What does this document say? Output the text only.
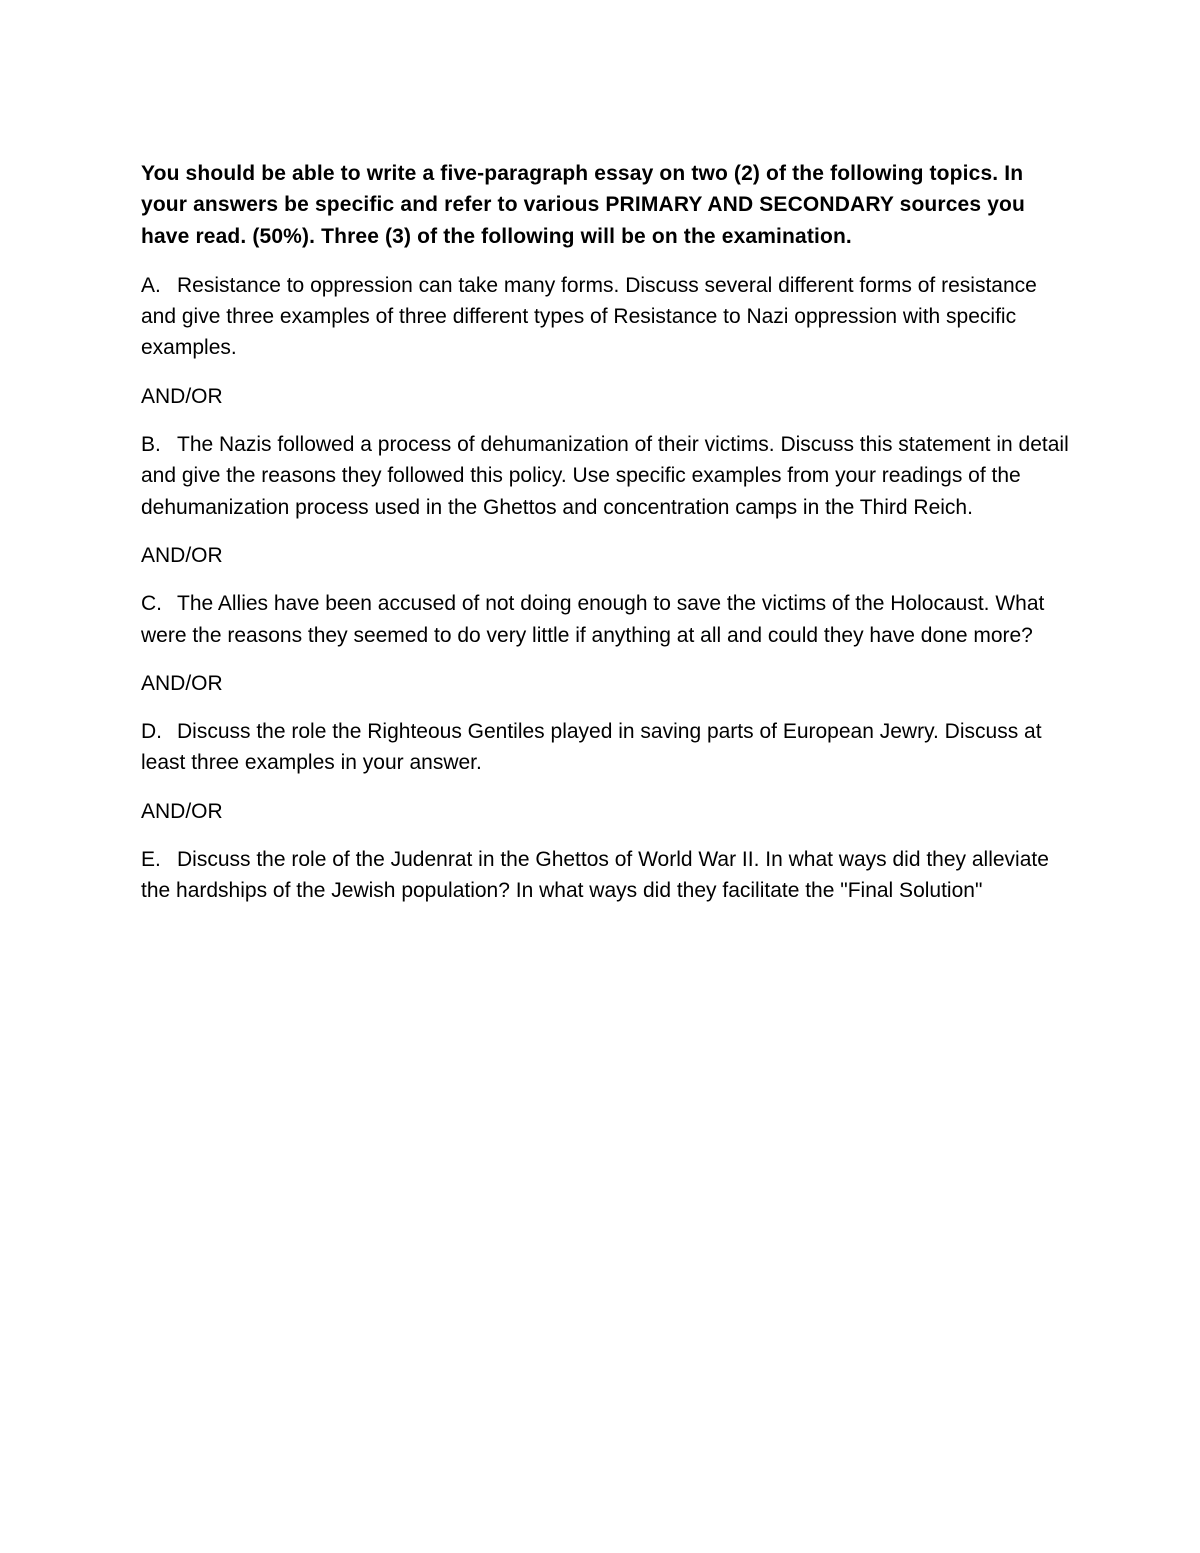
You should be able to write a five-paragraph essay on two (2) of the following topics. In your answers be specific and refer to various PRIMARY AND SECONDARY sources you have read. (50%). Three (3) of the following will be on the examination.

A. Resistance to oppression can take many forms. Discuss several different forms of resistance and give three examples of three different types of Resistance to Nazi oppression with specific examples.

AND/OR

B. The Nazis followed a process of dehumanization of their victims. Discuss this statement in detail and give the reasons they followed this policy. Use specific examples from your readings of the dehumanization process used in the Ghettos and concentration camps in the Third Reich.

AND/OR

C. The Allies have been accused of not doing enough to save the victims of the Holocaust. What were the reasons they seemed to do very little if anything at all and could they have done more?

AND/OR

D. Discuss the role the Righteous Gentiles played in saving parts of European Jewry. Discuss at least three examples in your answer.

AND/OR

E. Discuss the role of the Judenrat in the Ghettos of World War II. In what ways did they alleviate the hardships of the Jewish population? In what ways did they facilitate the "Final Solution"
